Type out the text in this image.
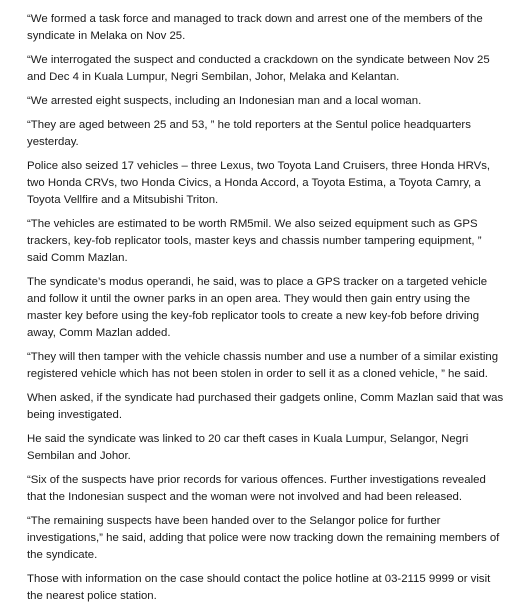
“We formed a task force and managed to track down and arrest one of the members of the syndicate in Melaka on Nov 25.

“We interrogated the suspect and conducted a crackdown on the syndicate between Nov 25 and Dec 4 in Kuala Lumpur, Negri Sembilan, Johor, Melaka and Kelantan.

“We arrested eight suspects, including an Indonesian man and a local woman.

“They are aged between 25 and 53, ” he told reporters at the Sentul police headquarters yesterday.

Police also seized 17 vehicles – three Lexus, two Toyota Land Cruisers, three Honda HRVs, two Honda CRVs, two Honda Civics, a Honda Accord, a Toyota Estima, a Toyota Camry, a Toyota Vellfire and a Mitsubishi Triton.

“The vehicles are estimated to be worth RM5mil. We also seized equipment such as GPS trackers, key-fob replicator tools, master keys and chassis number tampering equipment, ” said Comm Mazlan.

The syndicate’s modus operandi, he said, was to place a GPS tracker on a targeted vehicle and follow it until the owner parks in an open area. They would then gain entry using the master key before using the key-fob replicator tools to create a new key-fob before driving away, Comm Mazlan added.

“They will then tamper with the vehicle chassis number and use a number of a similar existing registered vehicle which has not been stolen in order to sell it as a cloned vehicle, ” he said.

When asked, if the syndicate had purchased their gadgets online, Comm Mazlan said that was being investigated.

He said the syndicate was linked to 20 car theft cases in Kuala Lumpur, Selangor, Negri Sembilan and Johor.

“Six of the suspects have prior records for various offences. Further investigations revealed that the Indonesian suspect and the woman were not involved and had been released.

“The remaining suspects have been handed over to the Selangor police for further investigations,” he said, adding that police were now tracking down the remaining members of the syndicate.

Those with information on the case should contact the police hotline at 03-2115 9999 or visit the nearest police station.
